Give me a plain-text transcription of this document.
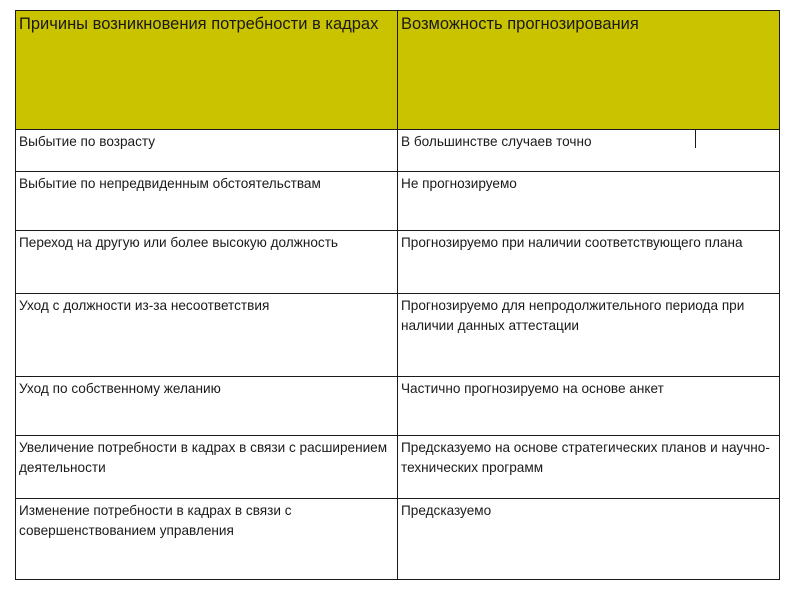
Причины возникновения потребности в кадрах	Возможность прогнозирования
Выбытие по возрасту	В большинстве случаев точно
Выбытие по непредвиденным обстоятельствам	Не прогнозируемо
Переход на другую или более высокую должность	Прогнозируемо при наличии соответствующего плана
Уход с должности из-за несоответствия	Прогнозируемо для непродолжительного периода при наличии данных аттестации
Уход по собственному желанию	Частично прогнозируемо на основе анкет
Увеличение потребности в кадрах в связи с расширением деятельности	Предсказуемо на основе стратегических планов и научно-технических программ
Изменение потребности в кадрах в связи с совершенствованием управления	Предсказуемо
